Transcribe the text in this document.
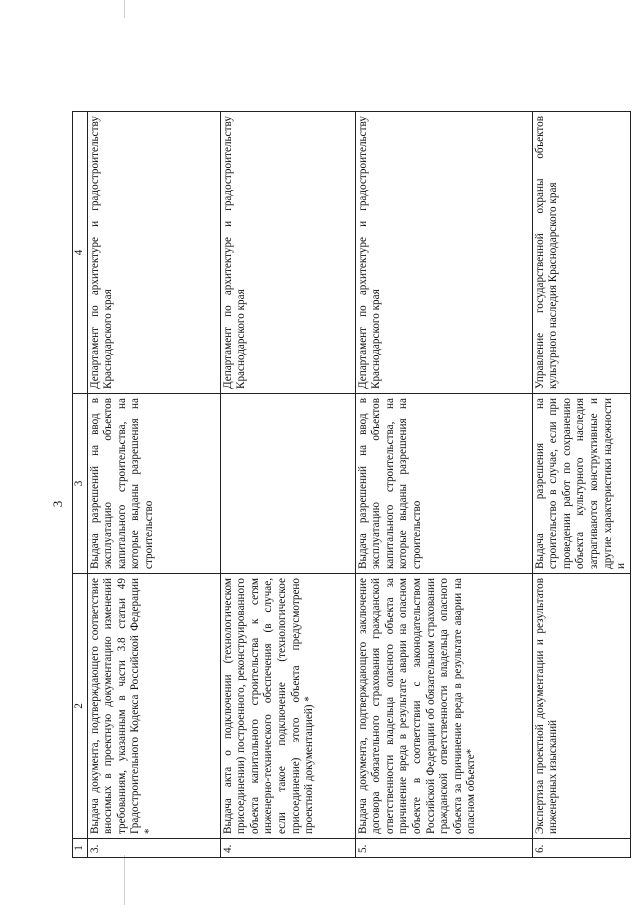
3
1	2	3	4
3.	Выдача документа, подтверждающего соответствие вносимых в проектную документацию изменений требованиям, указанным в части 3.8 статьи 49 Градостроительного Кодекса Российской Федерации *	Выдача разрешений на ввод в эксплуатацию объектов капитального строительства, на которые выданы разрешения на строительство	Департамент по архитектуре и градостроительству Краснодарского края
4.	Выдача акта о подключении (технологическом присоединении) построенного, реконструированного объекта капитального строительства к сетям инженерно-технического обеспечения (в случае, если такое подключение (технологическое присоединение) этого объекта предусмотрено проектной документацией) *		Департамент по архитектуре и градостроительству Краснодарского края
5.	Выдача документа, подтверждающего заключение договора обязательного страхования гражданской ответственности владельца опасного объекта за причинение вреда в результате аварии на опасном объекте в соответствии с законодательством Российской Федерации об обязательном страховании гражданской ответственности владельца опасного объекта за причинение вреда в результате аварии на опасном объекте*	Выдача разрешений на ввод в эксплуатацию объектов капитального строительства, на которые выданы разрешения на строительство	Департамент по архитектуре и градостроительству Краснодарского края
6.	Экспертиза проектной документации и результатов инженерных изысканий	Выдача разрешения на строительство в случае, если при проведении работ по сохранению объекта культурного наследия затрагиваются конструктивные и другие характеристики надежности и	Управление государственной охраны объектов культурного наследия Краснодарского края
